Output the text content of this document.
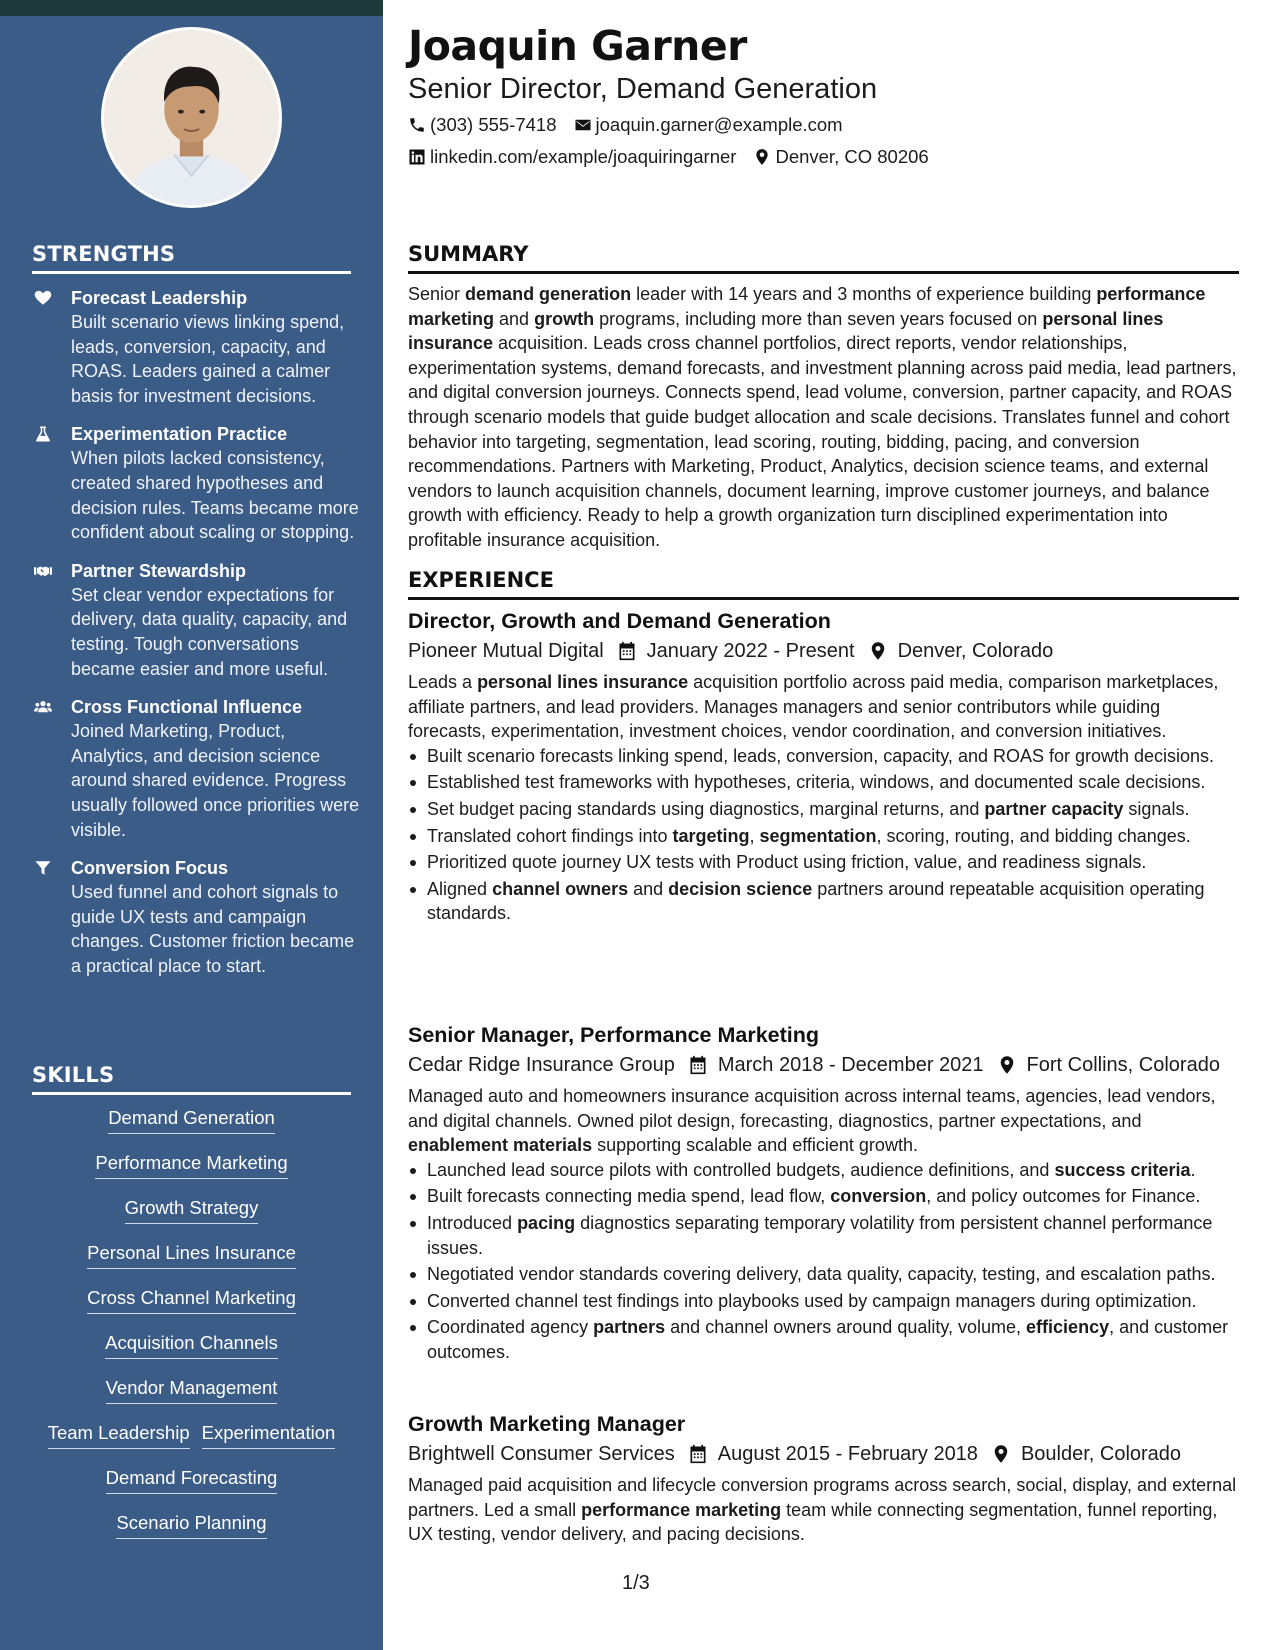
STRENGTHS
Forecast Leadership
Built scenario views linking spend, leads, conversion, capacity, and ROAS. Leaders gained a calmer basis for investment decisions.
Experimentation Practice
When pilots lacked consistency, created shared hypotheses and decision rules. Teams became more confident about scaling or stopping.
Partner Stewardship
Set clear vendor expectations for delivery, data quality, capacity, and testing. Tough conversations became easier and more useful.
Cross Functional Influence
Joined Marketing, Product, Analytics, and decision science around shared evidence. Progress usually followed once priorities were visible.
Conversion Focus
Used funnel and cohort signals to guide UX tests and campaign changes. Customer friction became a practical place to start.
SKILLS
Demand Generation
Performance Marketing
Growth Strategy
Personal Lines Insurance
Cross Channel Marketing
Acquisition Channels
Vendor Management
Team Leadership Experimentation
Demand Forecasting
Scenario Planning
Joaquin Garner
Senior Director, Demand Generation
(303) 555-7418 joaquin.garner@example.com
linkedin.com/example/joaquiringarner Denver, CO 80206
SUMMARY
Senior demand generation leader with 14 years and 3 months of experience building performance marketing and growth programs, including more than seven years focused on personal lines insurance acquisition. Leads cross channel portfolios, direct reports, vendor relationships, experimentation systems, demand forecasts, and investment planning across paid media, lead partners, and digital conversion journeys. Connects spend, lead volume, conversion, partner capacity, and ROAS through scenario models that guide budget allocation and scale decisions. Translates funnel and cohort behavior into targeting, segmentation, lead scoring, routing, bidding, pacing, and conversion recommendations. Partners with Marketing, Product, Analytics, decision science teams, and external vendors to launch acquisition channels, document learning, improve customer journeys, and balance growth with efficiency. Ready to help a growth organization turn disciplined experimentation into profitable insurance acquisition.
EXPERIENCE
Director, Growth and Demand Generation
Pioneer Mutual Digital January 2022 - Present Denver, Colorado
Leads a personal lines insurance acquisition portfolio across paid media, comparison marketplaces, affiliate partners, and lead providers. Manages managers and senior contributors while guiding forecasts, experimentation, investment choices, vendor coordination, and conversion initiatives.
Built scenario forecasts linking spend, leads, conversion, capacity, and ROAS for growth decisions.
Established test frameworks with hypotheses, criteria, windows, and documented scale decisions.
Set budget pacing standards using diagnostics, marginal returns, and partner capacity signals.
Translated cohort findings into targeting, segmentation, scoring, routing, and bidding changes.
Prioritized quote journey UX tests with Product using friction, value, and readiness signals.
Aligned channel owners and decision science partners around repeatable acquisition operating standards.
Senior Manager, Performance Marketing
Cedar Ridge Insurance Group March 2018 - December 2021 Fort Collins, Colorado
Managed auto and homeowners insurance acquisition across internal teams, agencies, lead vendors, and digital channels. Owned pilot design, forecasting, diagnostics, partner expectations, and enablement materials supporting scalable and efficient growth.
Launched lead source pilots with controlled budgets, audience definitions, and success criteria.
Built forecasts connecting media spend, lead flow, conversion, and policy outcomes for Finance.
Introduced pacing diagnostics separating temporary volatility from persistent channel performance issues.
Negotiated vendor standards covering delivery, data quality, capacity, testing, and escalation paths.
Converted channel test findings into playbooks used by campaign managers during optimization.
Coordinated agency partners and channel owners around quality, volume, efficiency, and customer outcomes.
Growth Marketing Manager
Brightwell Consumer Services August 2015 - February 2018 Boulder, Colorado
Managed paid acquisition and lifecycle conversion programs across search, social, display, and external partners. Led a small performance marketing team while connecting segmentation, funnel reporting, UX testing, vendor delivery, and pacing decisions.
1/3
